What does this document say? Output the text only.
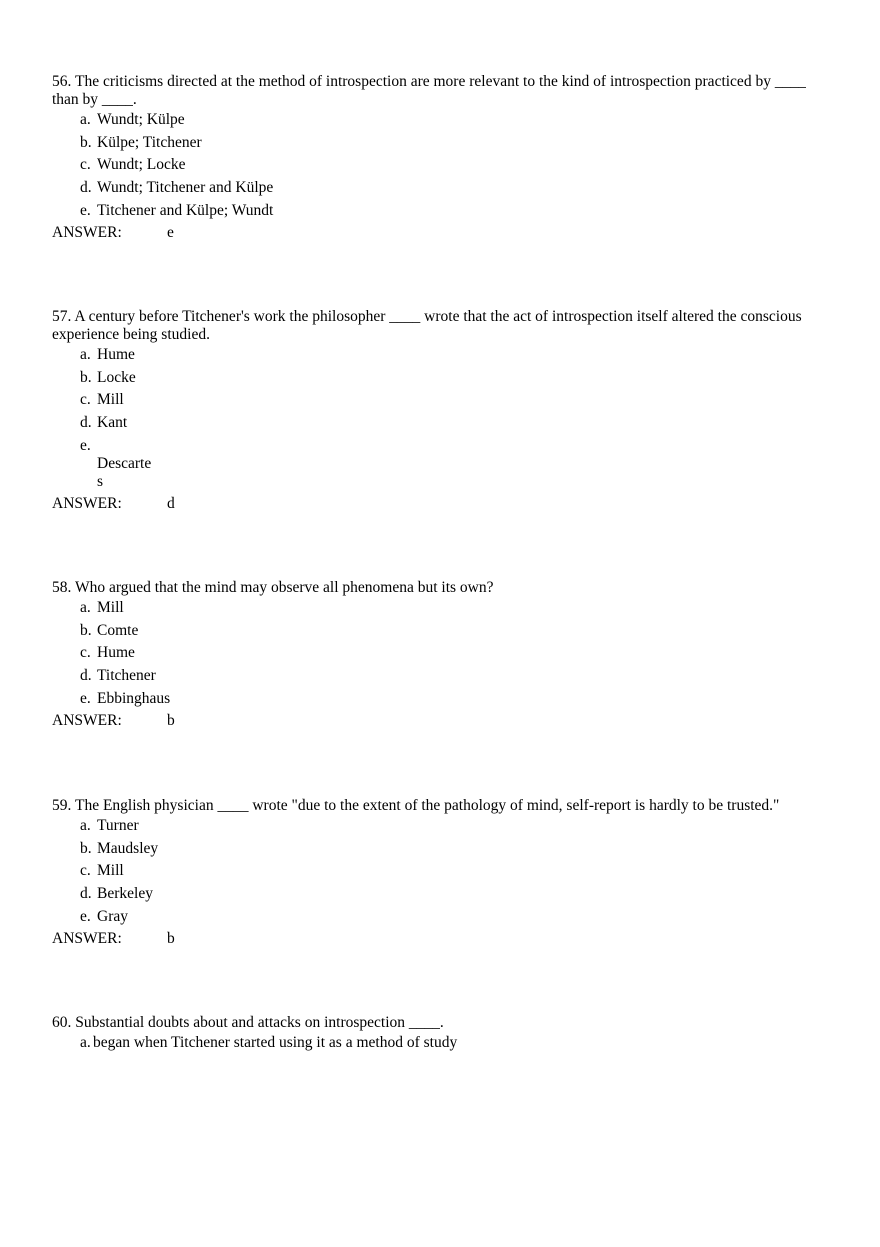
56. The criticisms directed at the method of introspection are more relevant to the kind of introspection practiced by ____ than by ____.

a. Wundt; Külpe
b. Külpe; Titchener
c. Wundt; Locke
d. Wundt; Titchener and Külpe
e. Titchener and Külpe; Wundt
ANSWER:	e

57. A century before Titchener's work the philosopher ____ wrote that the act of introspection itself altered the conscious experience being studied.

a. Hume
b. Locke
c. Mill
d. Kant
e.
Descartes
ANSWER:	d

58. Who argued that the mind may observe all phenomena but its own?

a. Mill
b. Comte
c. Hume
d. Titchener
e. Ebbinghaus
ANSWER:	b

59. The English physician ____ wrote "due to the extent of the pathology of mind, self-report is hardly to be trusted."

a. Turner
b. Maudsley
c. Mill
d. Berkeley
e. Gray
ANSWER:	b

60. Substantial doubts about and attacks on introspection ____.

a. began when Titchener started using it as a method of study
